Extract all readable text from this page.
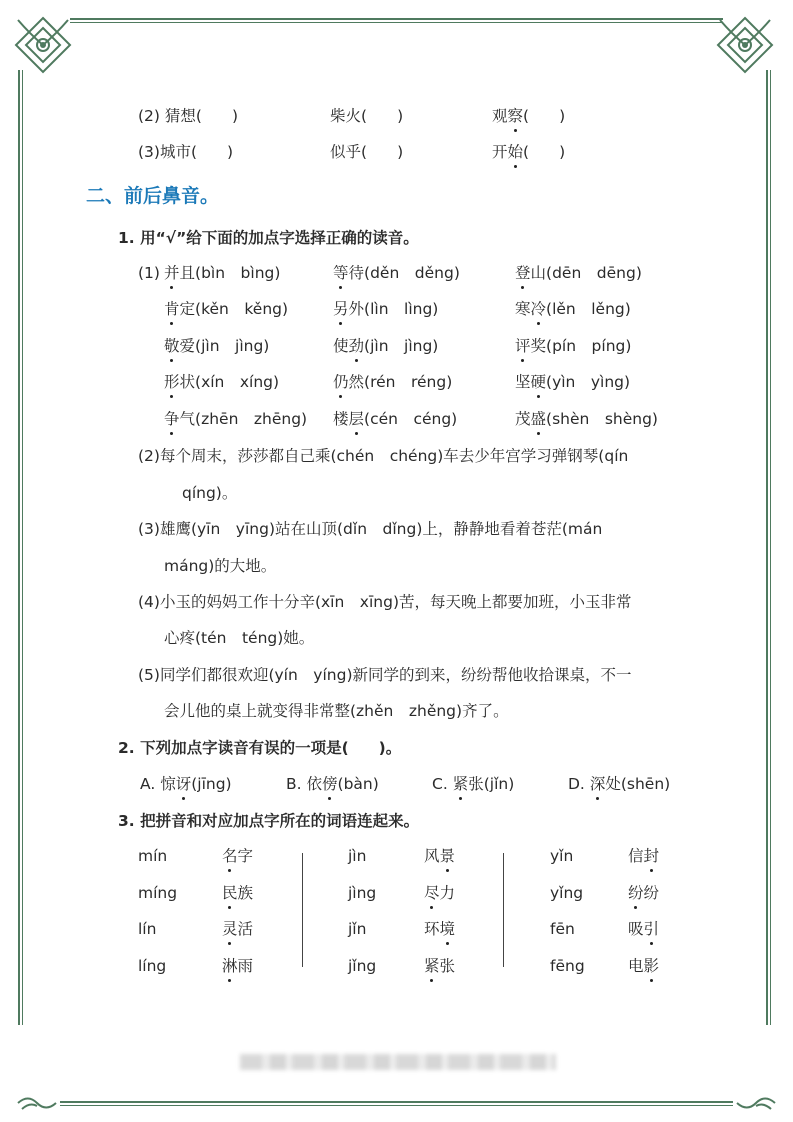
(2) 猜想( )	柴火( )	观察( )
(3)城市( )	似乎( )	开始( )
二、前后鼻音。
1. 用“√”给下面的加点字选择正确的读音。
(1) 并且(bìn　bìng)	等待(děn　děng)	登山(dēn　dēng)
肯定(kěn　kěng)	另外(lìn　lìng)	寒冷(lěn　lěng)
敬爱(jìn　jìng)	使劲(jìn　jìng)	评奖(pín　píng)
形状(xín　xíng)	仍然(rén　réng)	坚硬(yìn　yìng)
争气(zhēn　zhēng) 楼层(cén　céng)	茂盛(shèn　shèng)
(2)每个周末，莎莎都自己乘(chén　chéng)车去少年宫学习弹钢琴(qín
qíng)。
(3)雄鹰(yīn　yīng)站在山顶(dǐn　dǐng)上，静静地看着苍茫(mán
máng)的大地。
(4)小玉的妈妈工作十分辛(xīn　xīng)苦，每天晚上都要加班，小玉非常
心疼(tén　téng)她。
(5)同学们都很欢迎(yín　yíng)新同学的到来，纷纷帮他收拾课桌，不一
会儿他的桌上就变得非常整(zhěn　zhěng)齐了。
2. 下列加点字读音有误的一项是( )。
A. 惊讶(jīng)	B. 依傍(bàn)	C. 紧张(jǐn)	D. 深处(shēn)
3. 把拼音和对应加点字所在的词语连起来。
mín	名字
míng	民族
lín	灵活
líng	淋雨
jìn	风景
jìng	尽力
jǐn	环境
jǐng	紧张
yǐn	信封
yǐng	纷纷
fēn	吸引
fēng	电影
